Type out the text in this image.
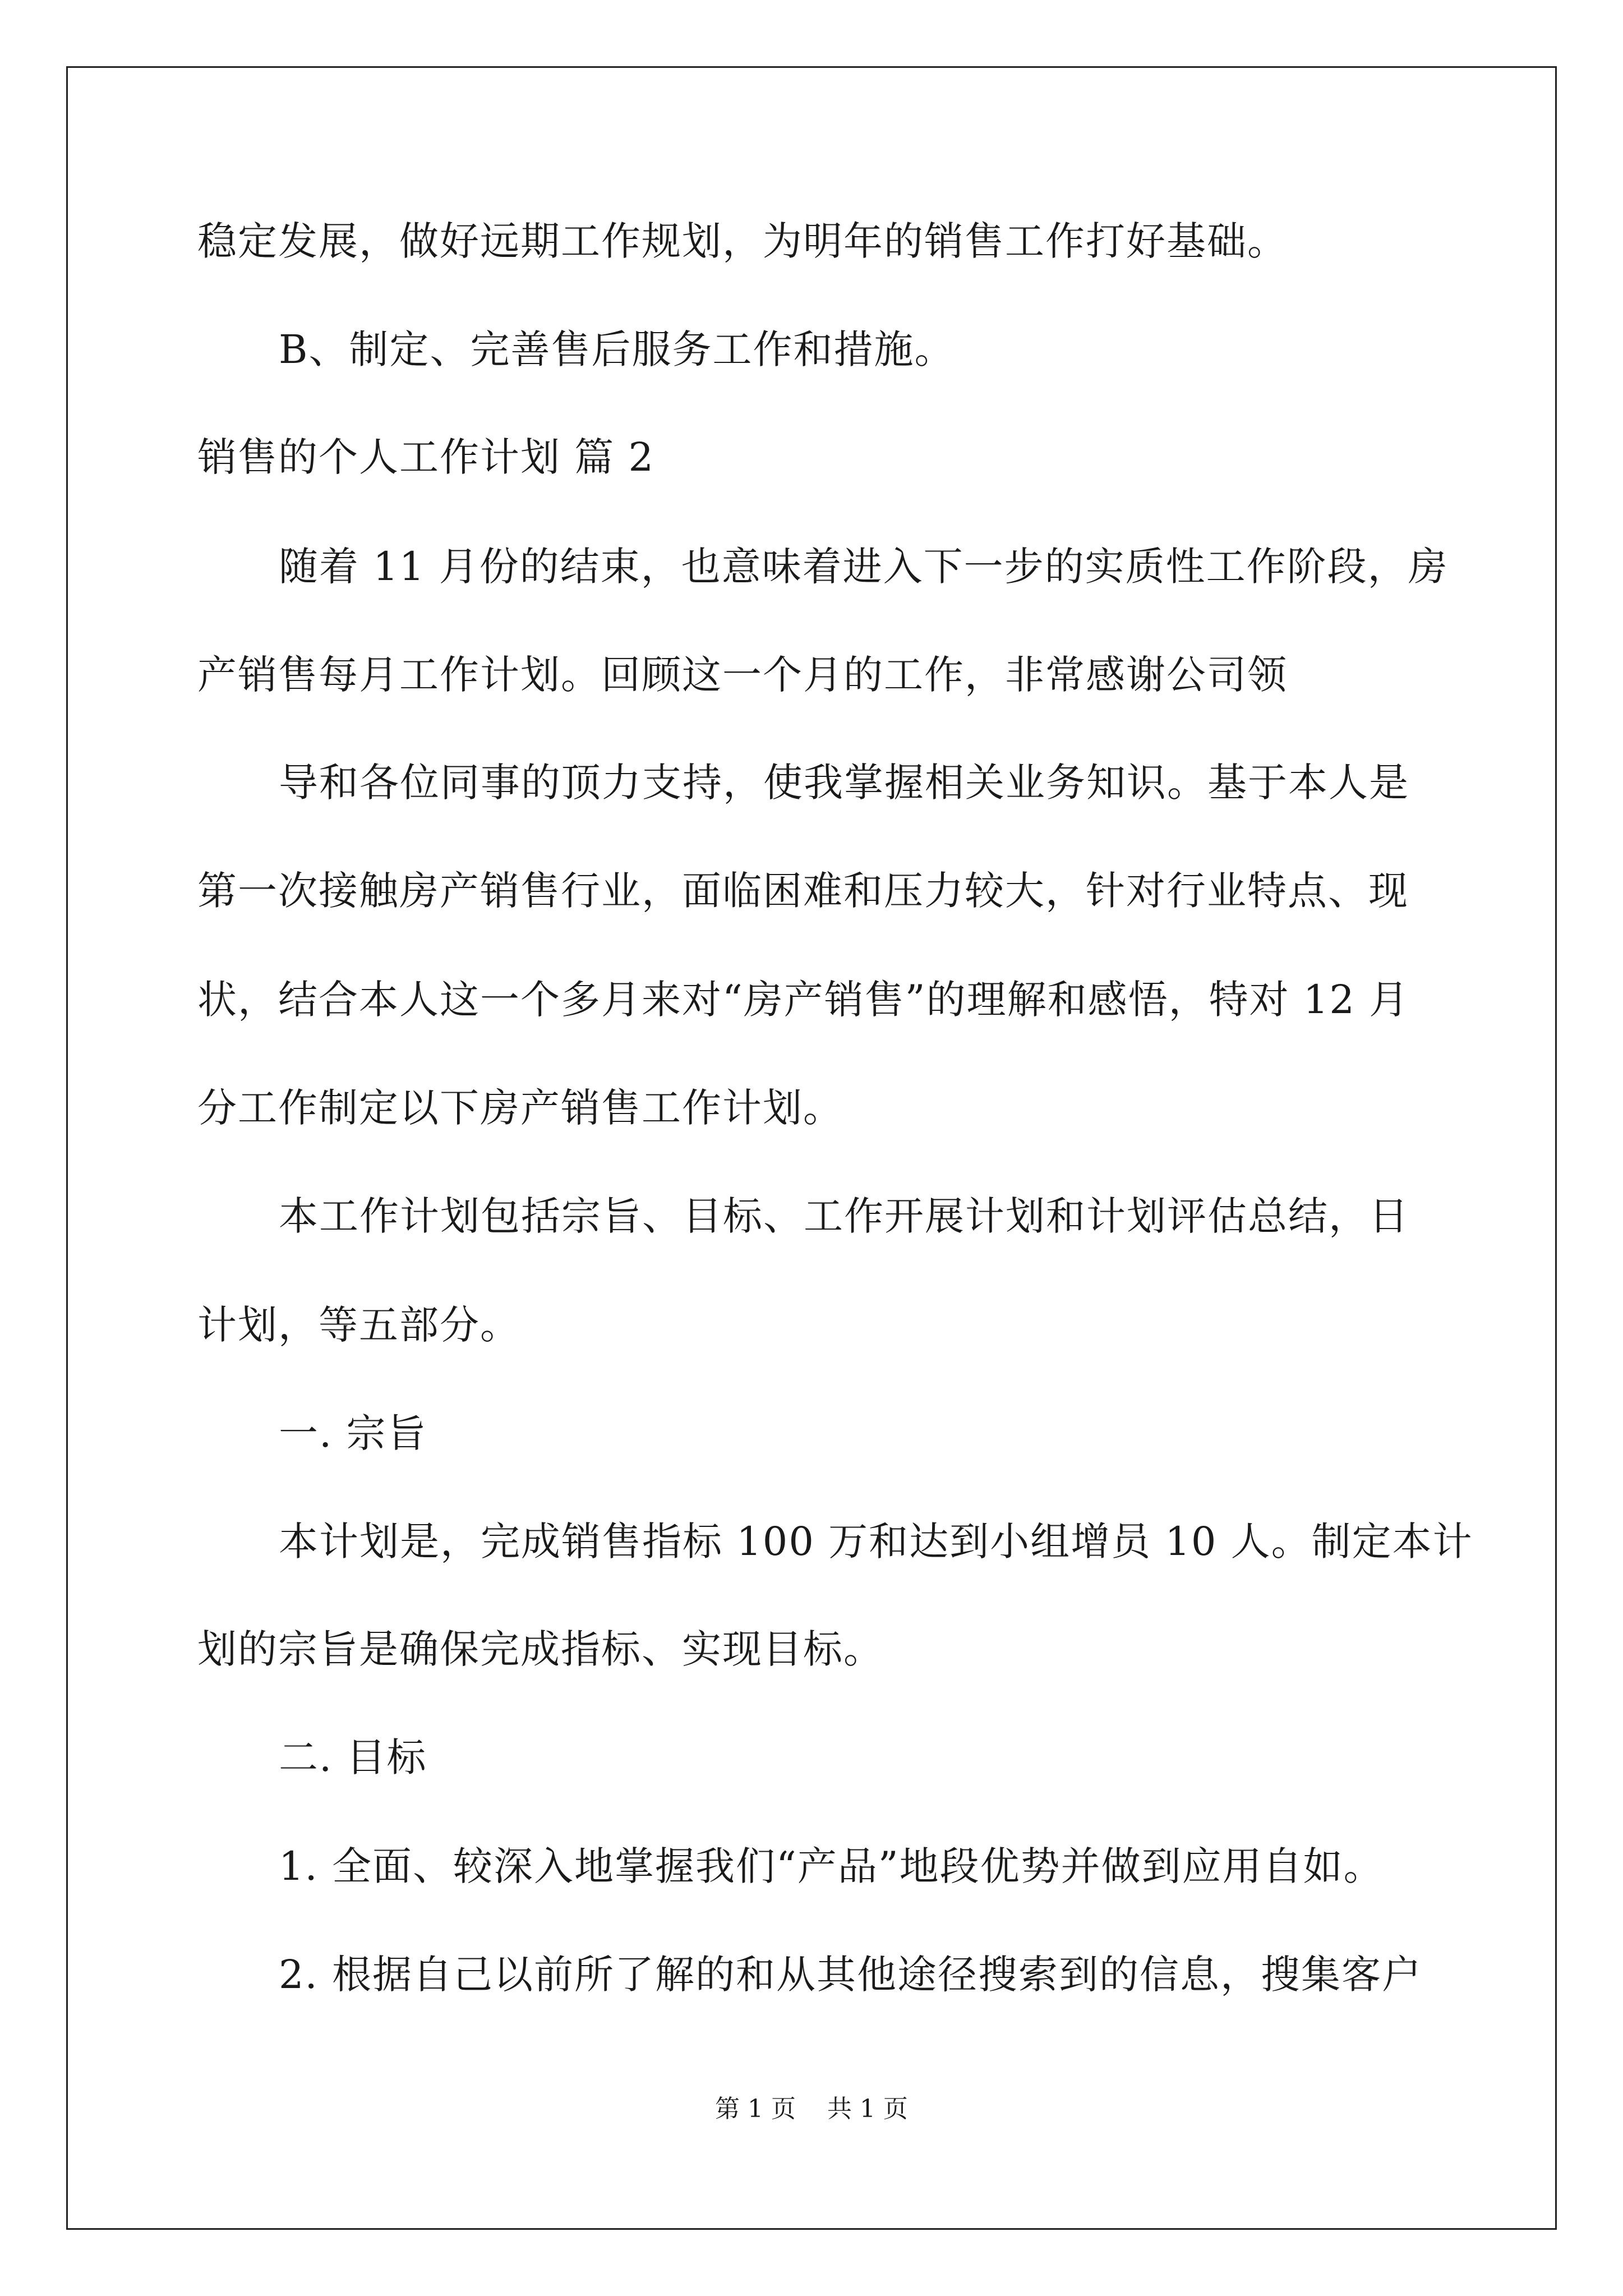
稳定发展，做好远期工作规划，为明年的销售工作打好基础。
B、制定、完善售后服务工作和措施。
销售的个人工作计划 篇 2
随着 11 月份的结束，也意味着进入下一步的实质性工作阶段，房
产销售每月工作计划。回顾这一个月的工作，非常感谢公司领
导和各位同事的顶力支持，使我掌握相关业务知识。基于本人是
第一次接触房产销售行业，面临困难和压力较大，针对行业特点、现
状，结合本人这一个多月来对“房产销售”的理解和感悟，特对 12 月
分工作制定以下房产销售工作计划。
本工作计划包括宗旨、目标、工作开展计划和计划评估总结，日
计划，等五部分。
一. 宗旨
本计划是，完成销售指标 100 万和达到小组增员 10 人。制定本计
划的宗旨是确保完成指标、实现目标。
二. 目标
1. 全面、较深入地掌握我们“产品”地段优势并做到应用自如。
2. 根据自己以前所了解的和从其他途径搜索到的信息，搜集客户
第 1 页    共 1 页
